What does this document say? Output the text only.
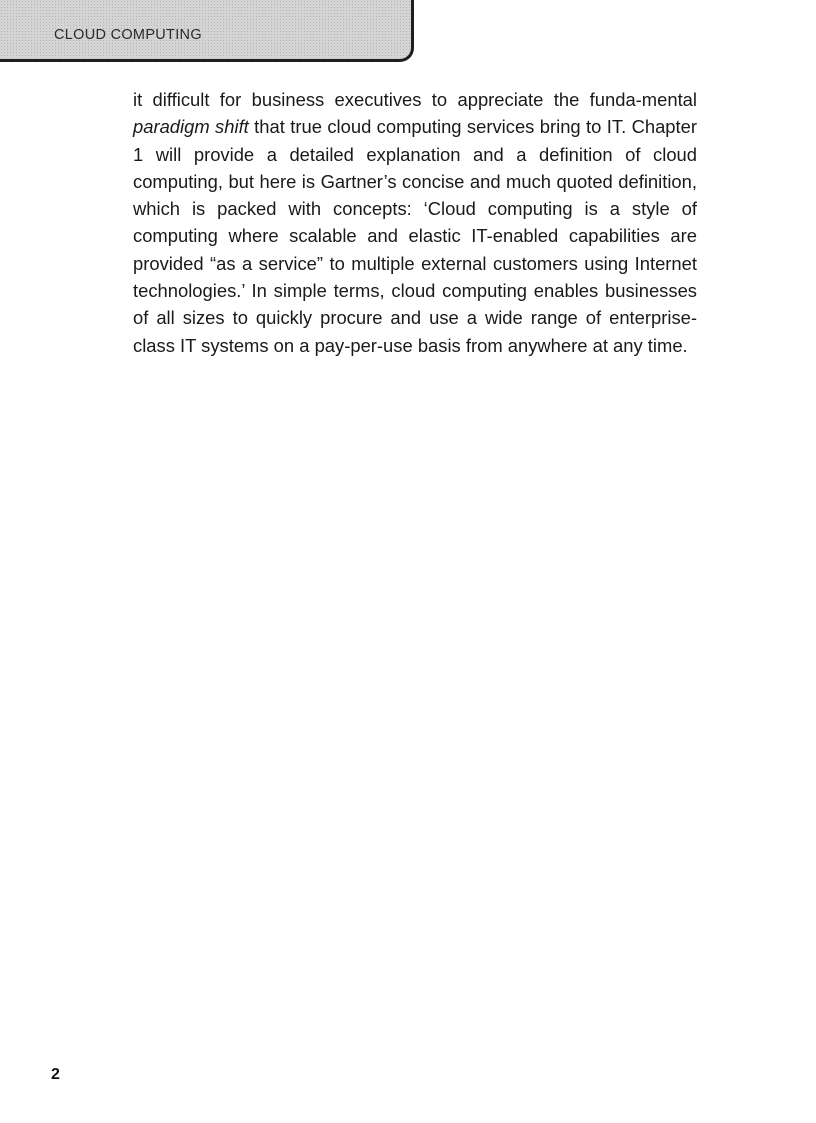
CLOUD COMPUTING

it difficult for business executives to appreciate the funda-mental paradigm shift that true cloud computing services bring to IT. Chapter 1 will provide a detailed explanation and a definition of cloud computing, but here is Gartner’s concise and much quoted definition, which is packed with concepts: ‘Cloud computing is a style of computing where scalable and elastic IT-enabled capabilities are provided “as a service” to multiple external customers using Internet technologies.’ In simple terms, cloud computing enables businesses of all sizes to quickly procure and use a wide range of enterprise-class IT systems on a pay-per-use basis from anywhere at any time.

2
